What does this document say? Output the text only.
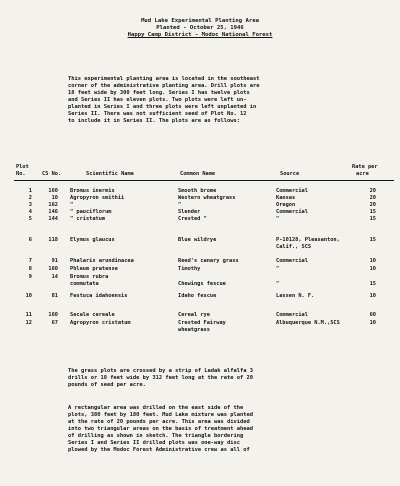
Mud Lake Experimental Planting Area
Planted - October 25, 1946
Happy Camp District - Modoc National Forest
This experimental planting area is located in the southeast
corner of the administrative planting area. Drill plots are
18 feet wide by 300 feet long. Series I has twelve plots
and Series II has eleven plots. Two plots were left un-
planted in Series I and three plots were left unplanted in
Series II. There was not sufficient seed of Plot No. 12
to include it in Series II. The plots are as follows:
Plot
No.	CS No.	Scientific Name	Common Name	Source
Rate per
acre
1	160 Bromus inermis	Smooth brome	Commercial	20
2	10 Agropyron smithii	Western wheatgrass	Kansas	20
3	162 "	"	Oregon	20
4	146 " pauciflorum	Slender	Commercial	15
5	144 " cristatum	Crested "	"	15
6	118 Elymus glaucus	Blue wildrye	P-10128, Pleasanton,	15
Calif., SCS
7	91 Phalaris arundinacea	Reed's canary grass	Commercial	10
8	160 Phleum pratense	Timothy	"	10
9	14 Bromus rubra
commutata	Chewings fescue	"	15
10	81 Festuca idahoensis	Idaho fescue	Lassen N. F.	10
11	160 Secale cereale	Cereal rye	Commercial	60
12	67 Agropyron cristatum	Crested Fairway	Albuquerque N.M.,SCS	10
wheatgrass
The grass plots are crossed by a strip of Ladak alfalfa 3
drills or 18 feet wide by 312 feet long at the rate of 20
pounds of seed per acre.
A rectangular area was drilled on the east side of the
plots, 380 feet by 180 feet. Mud Lake mixture was planted
at the rate of 20 pounds per acre. This area was divided
into two triangular areas on the basis of treatment ahead
of drilling as shown in sketch. The triangle bordering
Series I and Series II drilled plots was one-way disc
plowed by the Modoc Forest Administrative crew as all of
